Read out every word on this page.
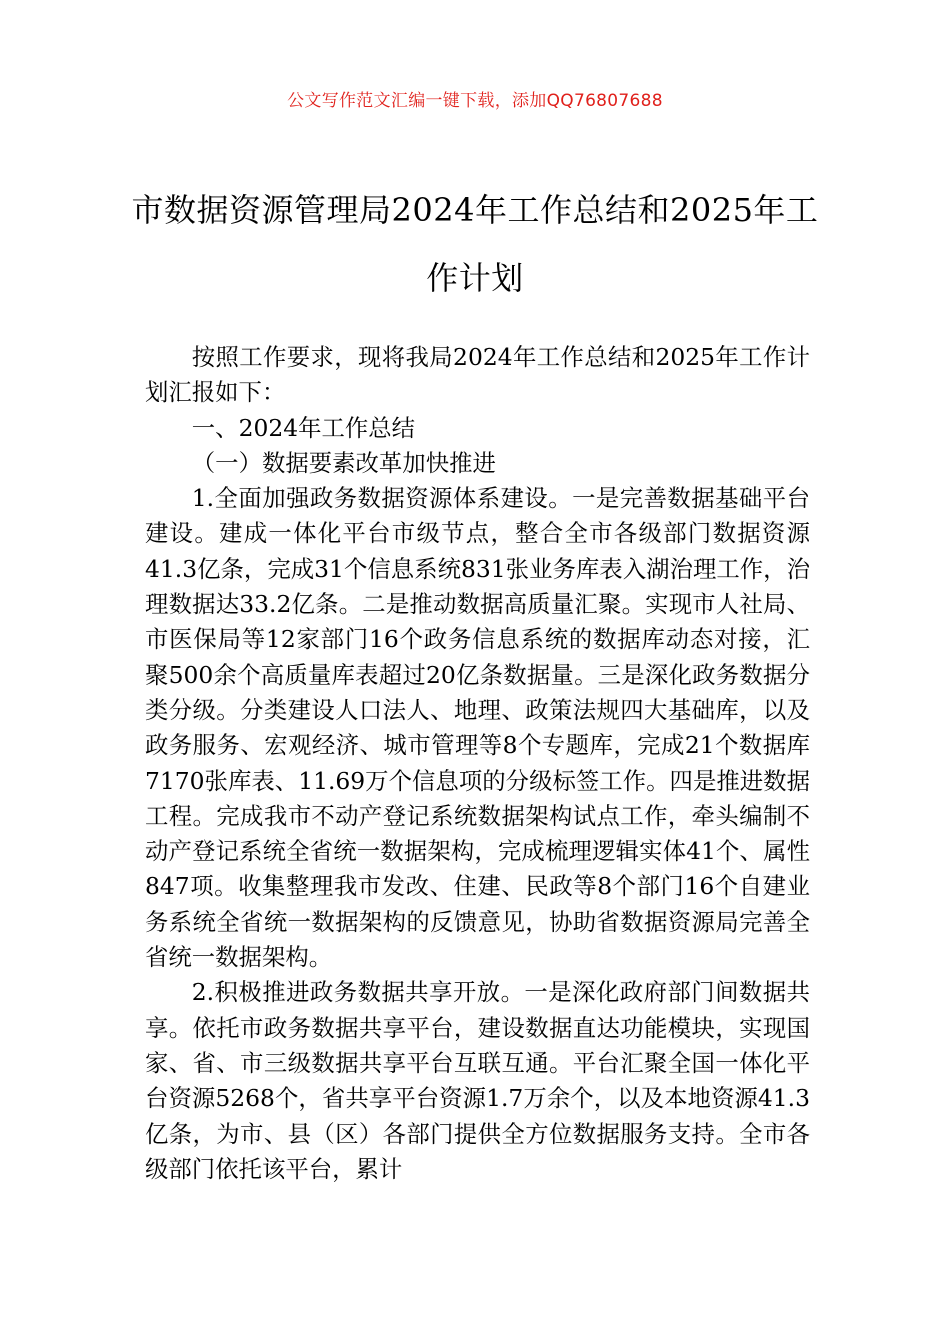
公文写作范文汇编一键下载，添加QQ76807688
市数据资源管理局2024年工作总结和2025年工作计划

按照工作要求，现将我局2024年工作总结和2025年工作计划汇报如下：

一、2024年工作总结

（一）数据要素改革加快推进

1.全面加强政务数据资源体系建设。一是完善数据基础平台建设。建成一体化平台市级节点，整合全市各级部门数据资源41.3亿条，完成31个信息系统831张业务库表入湖治理工作，治理数据达33.2亿条。二是推动数据高质量汇聚。实现市人社局、市医保局等12家部门16个政务信息系统的数据库动态对接，汇聚500余个高质量库表超过20亿条数据量。三是深化政务数据分类分级。分类建设人口法人、地理、政策法规四大基础库，以及政务服务、宏观经济、城市管理等8个专题库，完成21个数据库7170张库表、11.69万个信息项的分级标签工作。四是推进数据工程。完成我市不动产登记系统数据架构试点工作，牵头编制不动产登记系统全省统一数据架构，完成梳理逻辑实体41个、属性847项。收集整理我市发改、住建、民政等8个部门16个自建业务系统全省统一数据架构的反馈意见，协助省数据资源局完善全省统一数据架构。

2.积极推进政务数据共享开放。一是深化政府部门间数据共享。依托市政务数据共享平台，建设数据直达功能模块，实现国家、省、市三级数据共享平台互联互通。平台汇聚全国一体化平台资源5268个，省共享平台资源1.7万余个，以及本地资源41.3亿条，为市、县（区）各部门提供全方位数据服务支持。全市各级部门依托该平台，累计
